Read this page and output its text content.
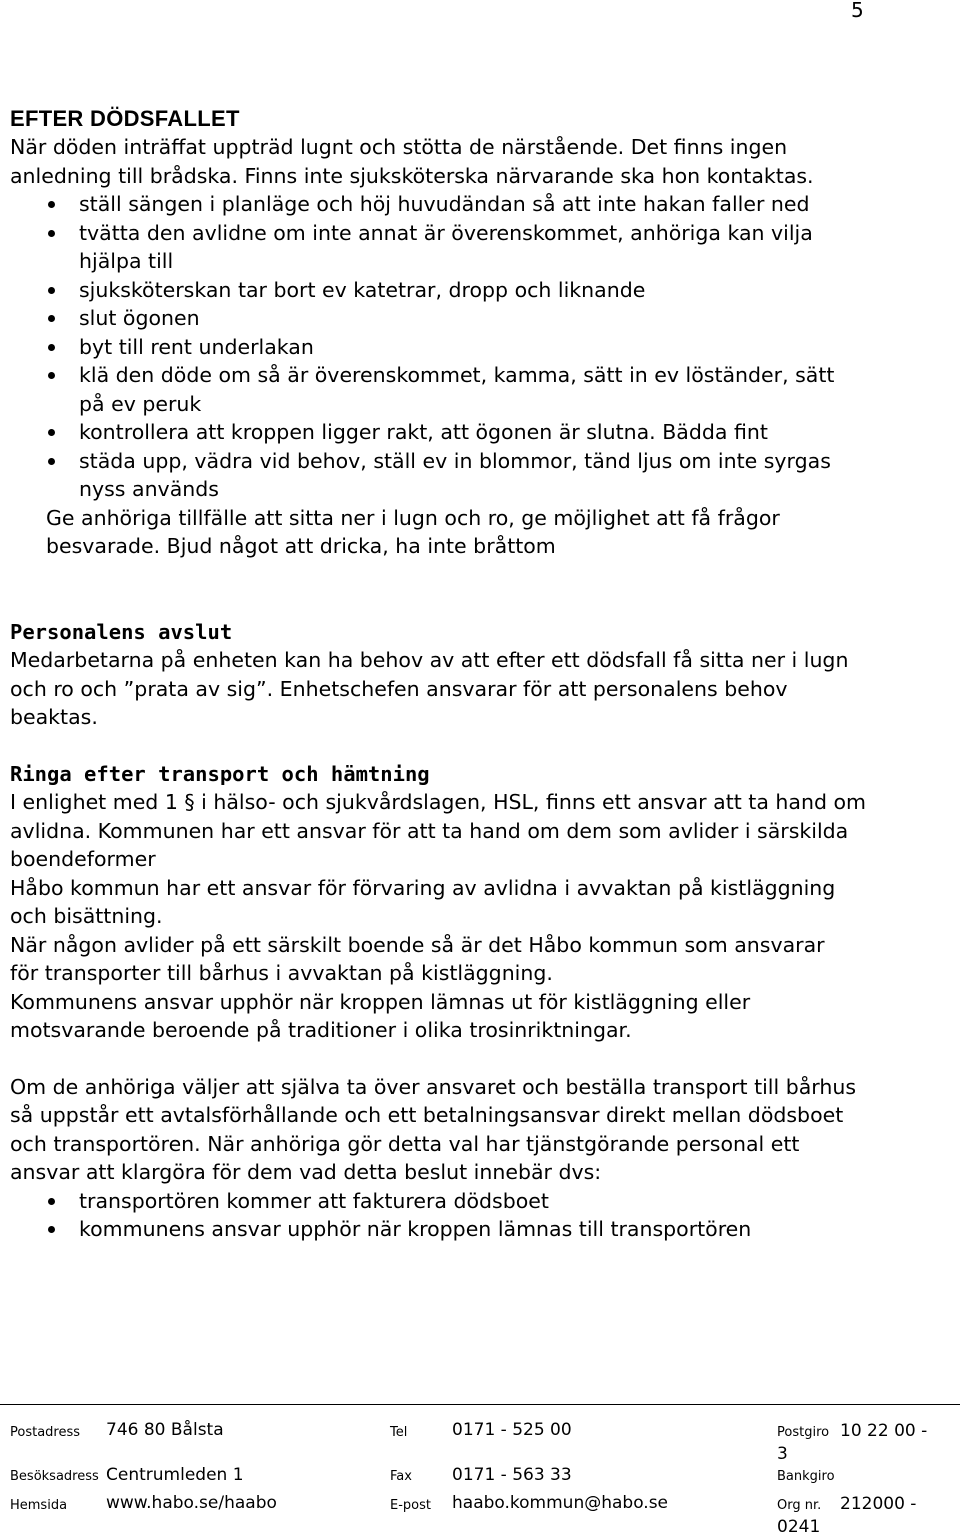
5
EFTER DÖDSFALLET

När döden inträffat uppträd lugnt och stötta de närstående. Det finns ingen anledning till brådska. Finns inte sjuksköterska närvarande ska hon kontaktas.

ställ sängen i planläge och höj huvudändan så att inte hakan faller ned
tvätta den avlidne om inte annat är överenskommet, anhöriga kan vilja hjälpa till
sjuksköterskan tar bort ev katetrar, dropp och liknande
slut ögonen
byt till rent underlakan
klä den döde om så är överenskommet, kamma, sätt in ev löständer, sätt på ev peruk
kontrollera att kroppen ligger rakt, att ögonen är slutna. Bädda fint
städa upp, vädra vid behov, ställ ev in blommor, tänd ljus om inte syrgas nyss används

Ge anhöriga tillfälle att sitta ner i lugn och ro, ge möjlighet att få frågor besvarade. Bjud något att dricka, ha inte bråttom

Personalens avslut

Medarbetarna på enheten kan ha behov av att efter ett dödsfall få sitta ner i lugn och ro och ”prata av sig”. Enhetschefen ansvarar för att personalens behov beaktas.

Ringa efter transport och hämtning

I enlighet med 1 § i hälso- och sjukvårdslagen, HSL, finns ett ansvar att ta hand om avlidna. Kommunen har ett ansvar för att ta hand om dem som avlider i särskilda boendeformer

Håbo kommun har ett ansvar för förvaring av avlidna i avvaktan på kistläggning och bisättning.

När någon avlider på ett särskilt boende så är det Håbo kommun som ansvarar för transporter till bårhus i avvaktan på kistläggning.

Kommunens ansvar upphör när kroppen lämnas ut för kistläggning eller motsvarande beroende på traditioner i olika trosinriktningar.

Om de anhöriga väljer att själva ta över ansvaret och beställa transport till bårhus så uppstår ett avtalsförhållande och ett betalningsansvar direkt mellan dödsboet och transportören. När anhöriga gör detta val har tjänstgörande personal ett ansvar att klargöra för dem vad detta beslut innebär dvs:

transportören kommer att fakturera dödsboet
kommunens ansvar upphör när kroppen lämnas till transportören
Postadress 746 80 Bålsta
Besöksadress Centrumleden 1
Hemsida www.habo.se/haabo
Tel	0171 - 525 00
Fax 0171 - 563 33
E-post haabo.kommun@habo.se
Postgiro 10 22 00 - 3
Bankgiro
Org nr.	212000 - 0241
